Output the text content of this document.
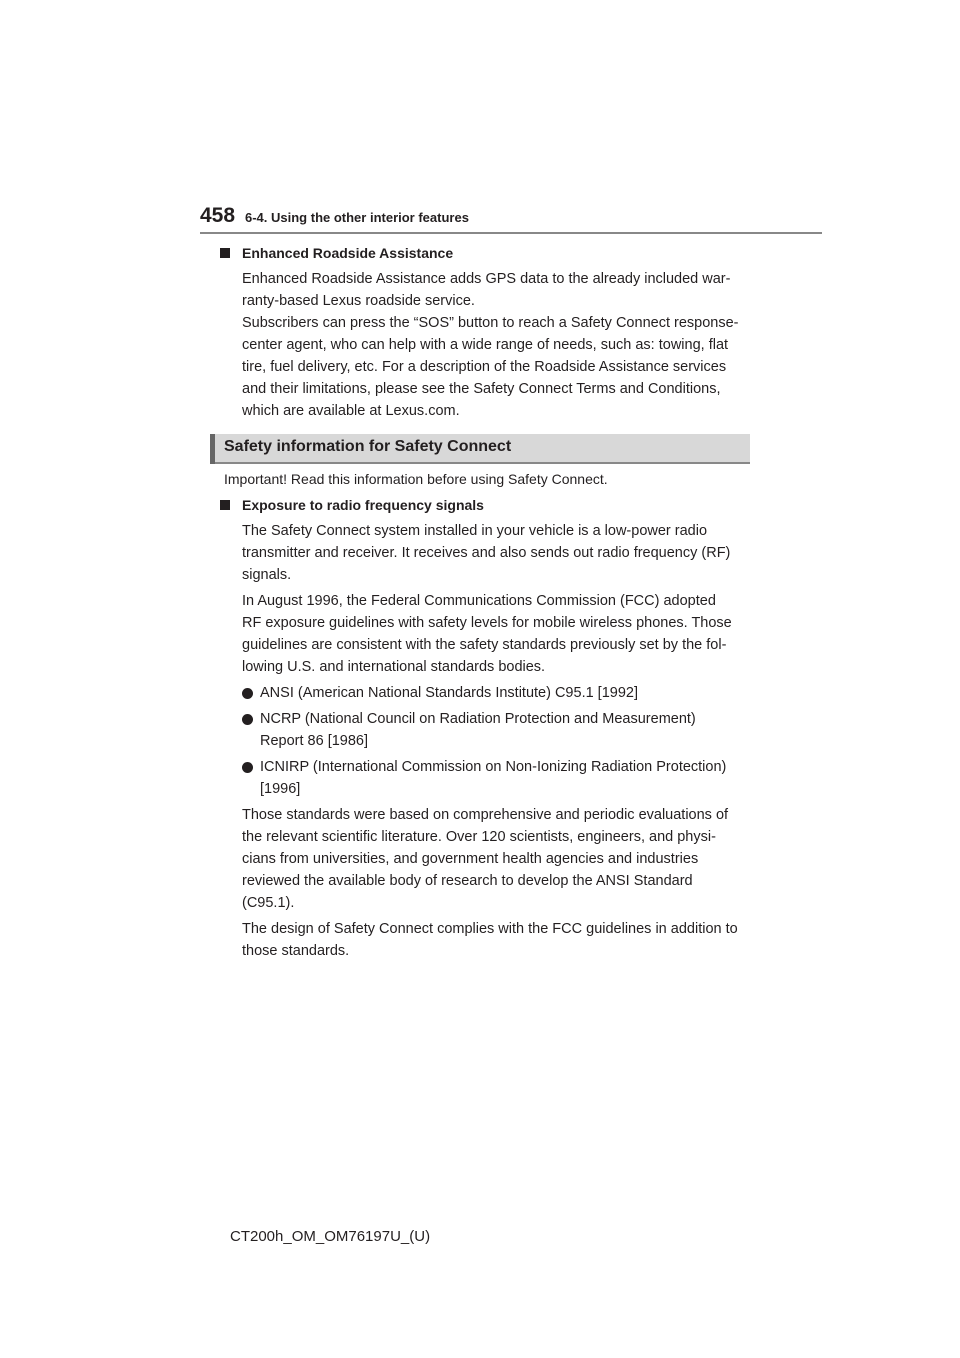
458 6-4. Using the other interior features
Enhanced Roadside Assistance
Enhanced Roadside Assistance adds GPS data to the already included war-
ranty-based Lexus roadside service.
Subscribers can press the “SOS” button to reach a Safety Connect response-
center agent, who can help with a wide range of needs, such as: towing, flat
tire, fuel delivery, etc. For a description of the Roadside Assistance services
and their limitations, please see the Safety Connect Terms and Conditions,
which are available at Lexus.com.
Safety information for Safety Connect
Important! Read this information before using Safety Connect.
Exposure to radio frequency signals
The Safety Connect system installed in your vehicle is a low-power radio
transmitter and receiver. It receives and also sends out radio frequency (RF)
signals.
In August 1996, the Federal Communications Commission (FCC) adopted
RF exposure guidelines with safety levels for mobile wireless phones. Those
guidelines are consistent with the safety standards previously set by the fol-
lowing U.S. and international standards bodies.
ANSI (American National Standards Institute) C95.1 [1992]
NCRP (National Council on Radiation Protection and Measurement)
Report 86 [1986]
ICNIRP (International Commission on Non-Ionizing Radiation Protection)
[1996]
Those standards were based on comprehensive and periodic evaluations of
the relevant scientific literature. Over 120 scientists, engineers, and physi-
cians from universities, and government health agencies and industries
reviewed the available body of research to develop the ANSI Standard
(C95.1).
The design of Safety Connect complies with the FCC guidelines in addition to
those standards.
CT200h_OM_OM76197U_(U)
